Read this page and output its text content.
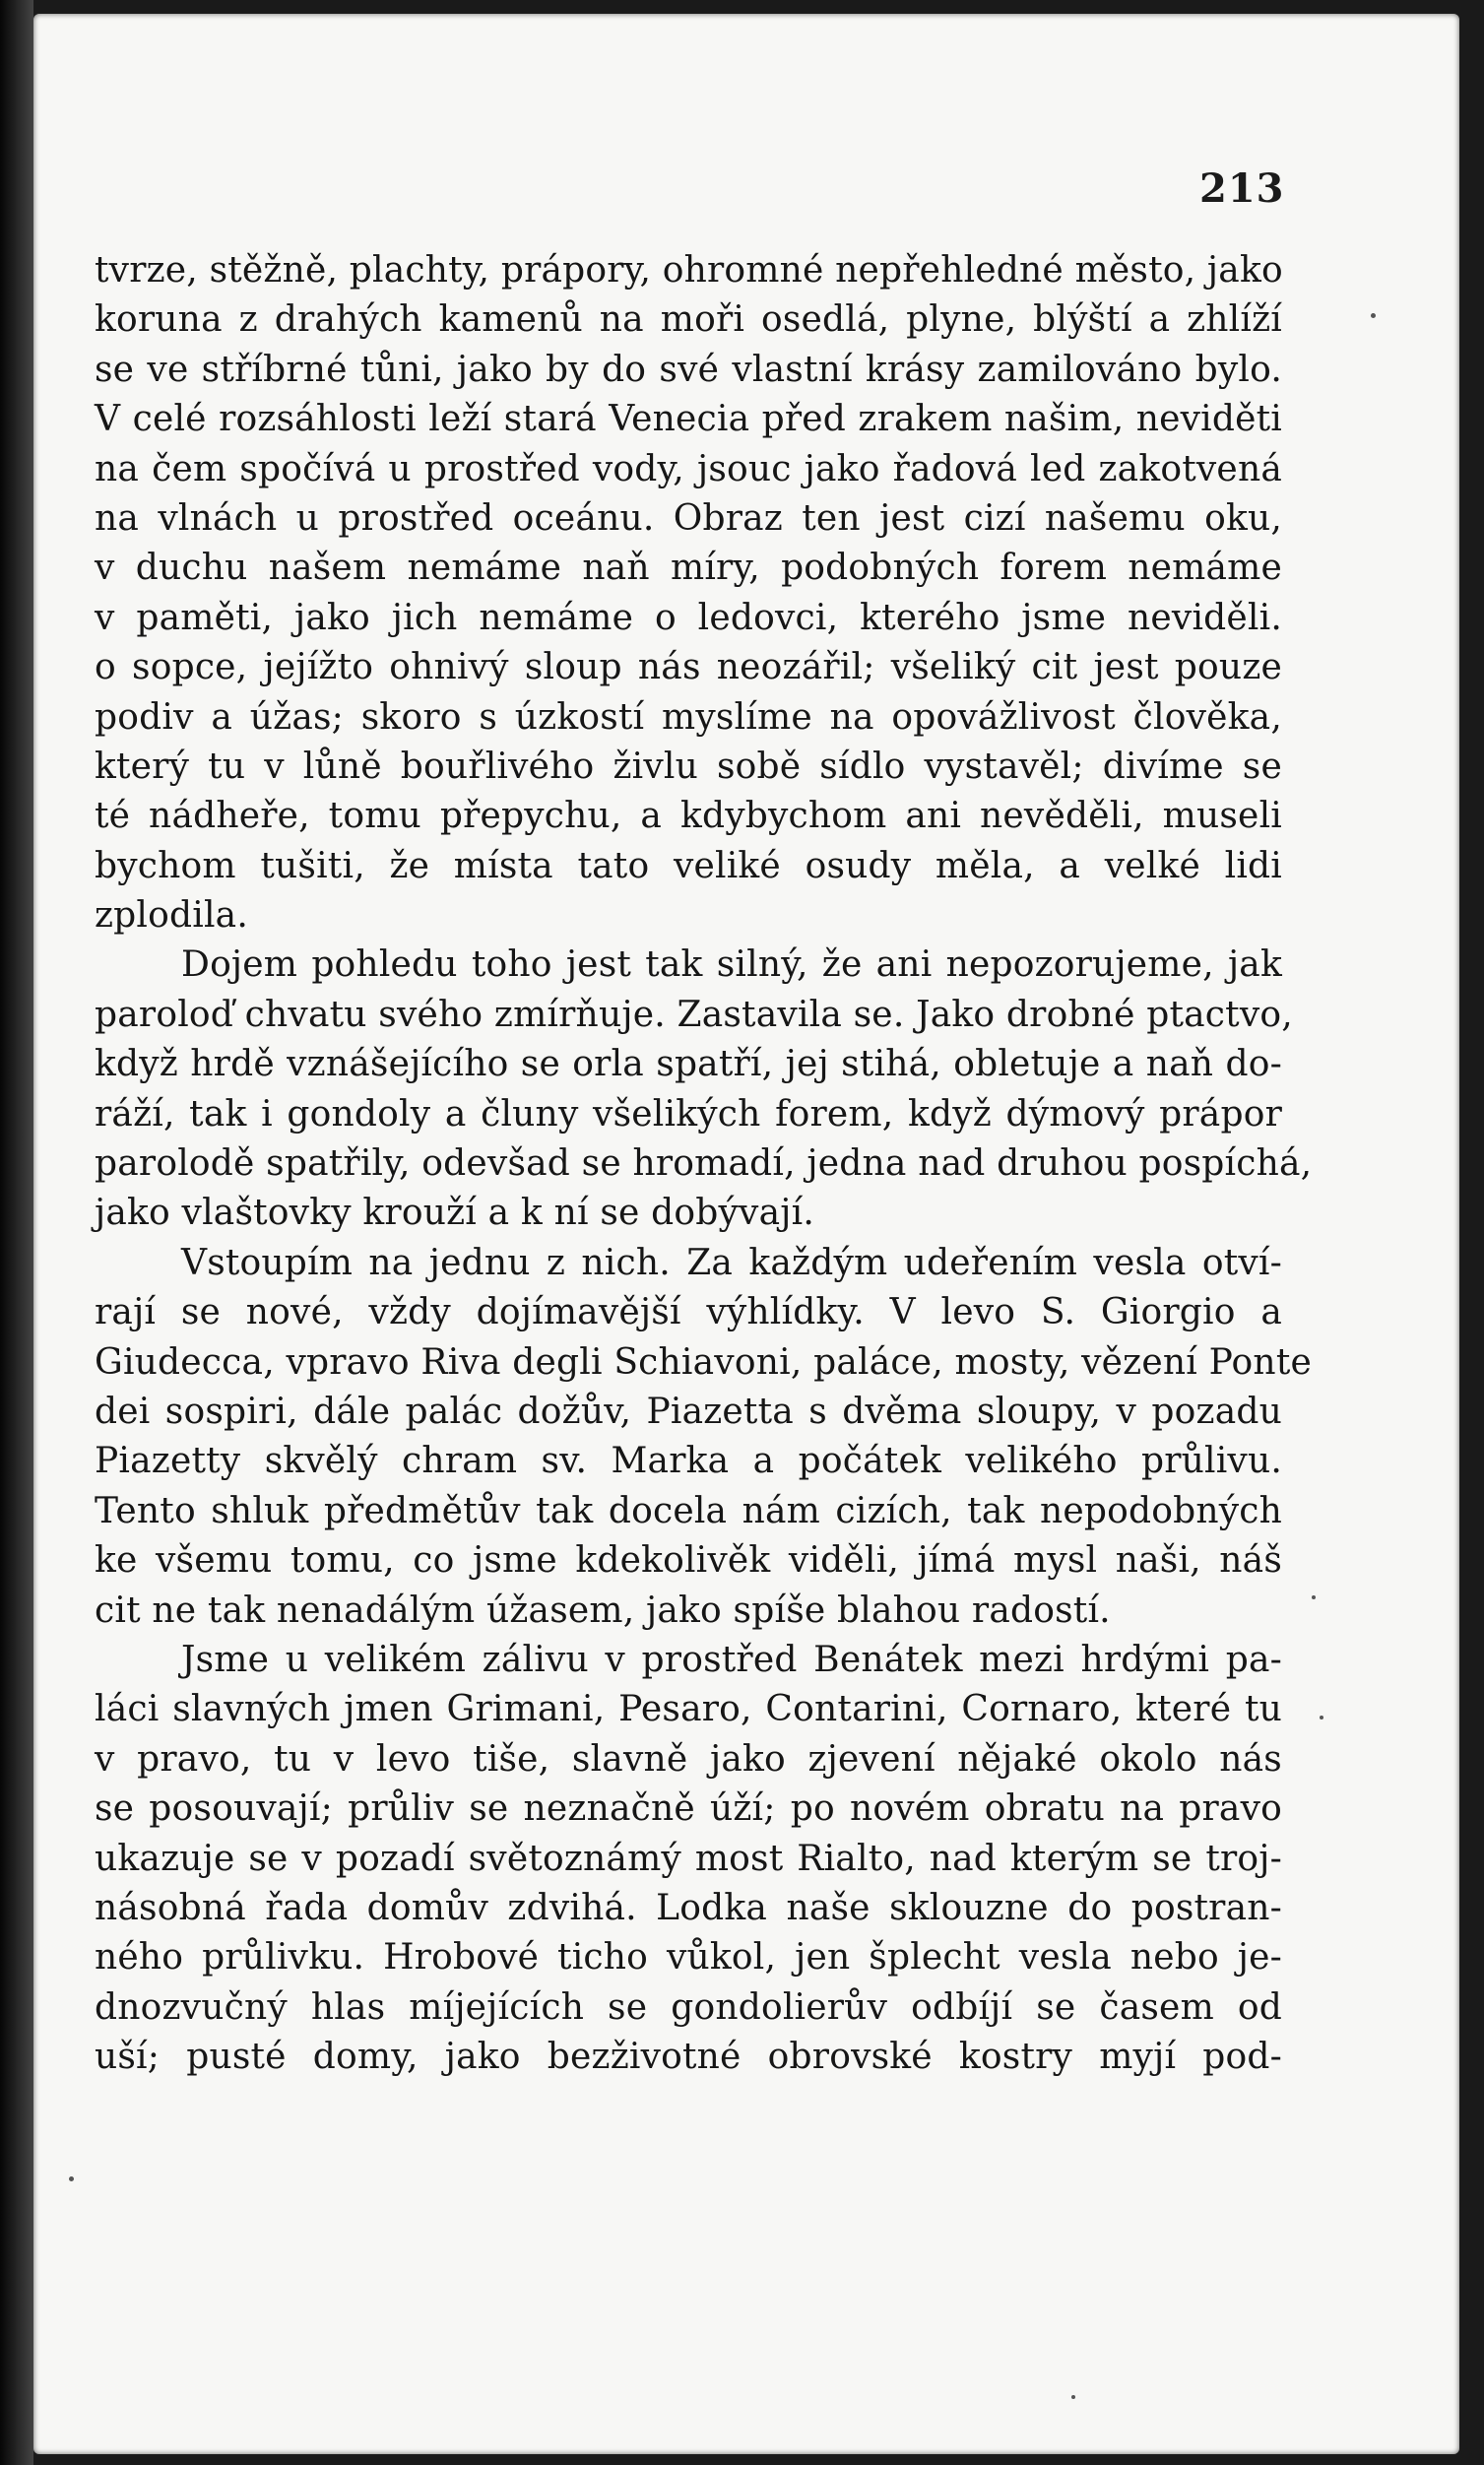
213
tvrze, stěžně, plachty, prápory, ohromné nepřehledné město, jako
koruna z drahých kamenů na moři osedlá, plyne, blýští a zhlíží
se ve stříbrné tůni, jako by do své vlastní krásy zamilováno bylo.
V celé rozsáhlosti leží stará Venecia před zrakem našim, neviděti
na čem spočívá u prostřed vody, jsouc jako řadová led zakotvená
na vlnách u prostřed oceánu. Obraz ten jest cizí našemu oku,
v duchu našem nemáme naň míry, podobných forem nemáme
v paměti, jako jich nemáme o ledovci, kterého jsme neviděli.
o sopce, jejížto ohnivý sloup nás neozářil; všeliký cit jest pouze
podiv a úžas; skoro s úzkostí myslíme na opovážlivost člověka,
který tu v lůně bouřlivého živlu sobě sídlo vystavěl; divíme se
té nádheře, tomu přepychu, a kdybychom ani nevěděli, museli
bychom tušiti, že místa tato veliké osudy měla, a velké lidi
zplodila.
Dojem pohledu toho jest tak silný, že ani nepozorujeme, jak
paroloď chvatu svého zmírňuje. Zastavila se. Jako drobné ptactvo,
když hrdě vznášejícího se orla spatří, jej stihá, obletuje a naň do-
ráží, tak i gondoly a čluny všelikých forem, když dýmový prápor
parolodě spatřily, odevšad se hromadí, jedna nad druhou pospíchá,
jako vlaštovky krouží a k ní se dobývají.
Vstoupím na jednu z nich. Za každým udeřením vesla otví-
rají se nové, vždy dojímavější výhlídky. V levo S. Giorgio a
Giudecca, vpravo Riva degli Schiavoni, paláce, mosty, vězení Ponte
dei sospiri, dále palác dožův, Piazetta s dvěma sloupy, v pozadu
Piazetty skvělý chram sv. Marka a počátek velikého průlivu.
Tento shluk předmětův tak docela nám cizích, tak nepodobných
ke všemu tomu, co jsme kdekolivěk viděli, jímá mysl naši, náš
cit ne tak nenadálým úžasem, jako spíše blahou radostí.
Jsme u velikém zálivu v prostřed Benátek mezi hrdými pa-
láci slavných jmen Grimani, Pesaro, Contarini, Cornaro, které tu
v pravo, tu v levo tiše, slavně jako zjevení nějaké okolo nás
se posouvají; průliv se neznačně úží; po novém obratu na pravo
ukazuje se v pozadí světoznámý most Rialto, nad kterým se troj-
násobná řada domův zdvihá. Lodka naše sklouzne do postran-
ného průlivku. Hrobové ticho vůkol, jen šplecht vesla nebo je-
dnozvučný hlas míjejících se gondolierův odbíjí se časem od
uší; pusté domy, jako bezživotné obrovské kostry myjí pod-
